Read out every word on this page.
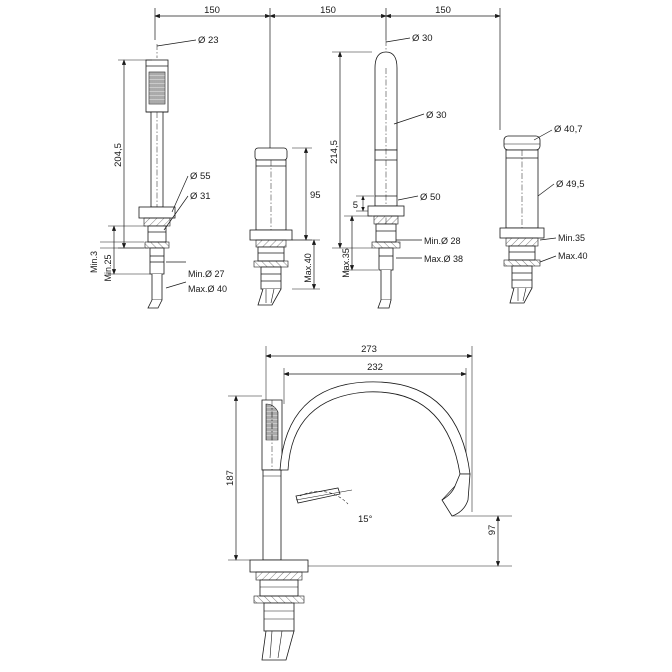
150	150	150
Ø 23
204,5
Ø 55
Ø 31
Min.25
Min.3
Min.Ø 27
Max.Ø 40
95
Max.40
Ø 30
Ø 30
214,5
5
Ø 50
Max.35
Min.Ø 28
Max.Ø 38
Ø 40,7
Ø 49,5
Min.35
Max.40
273
232
187
97
15°
